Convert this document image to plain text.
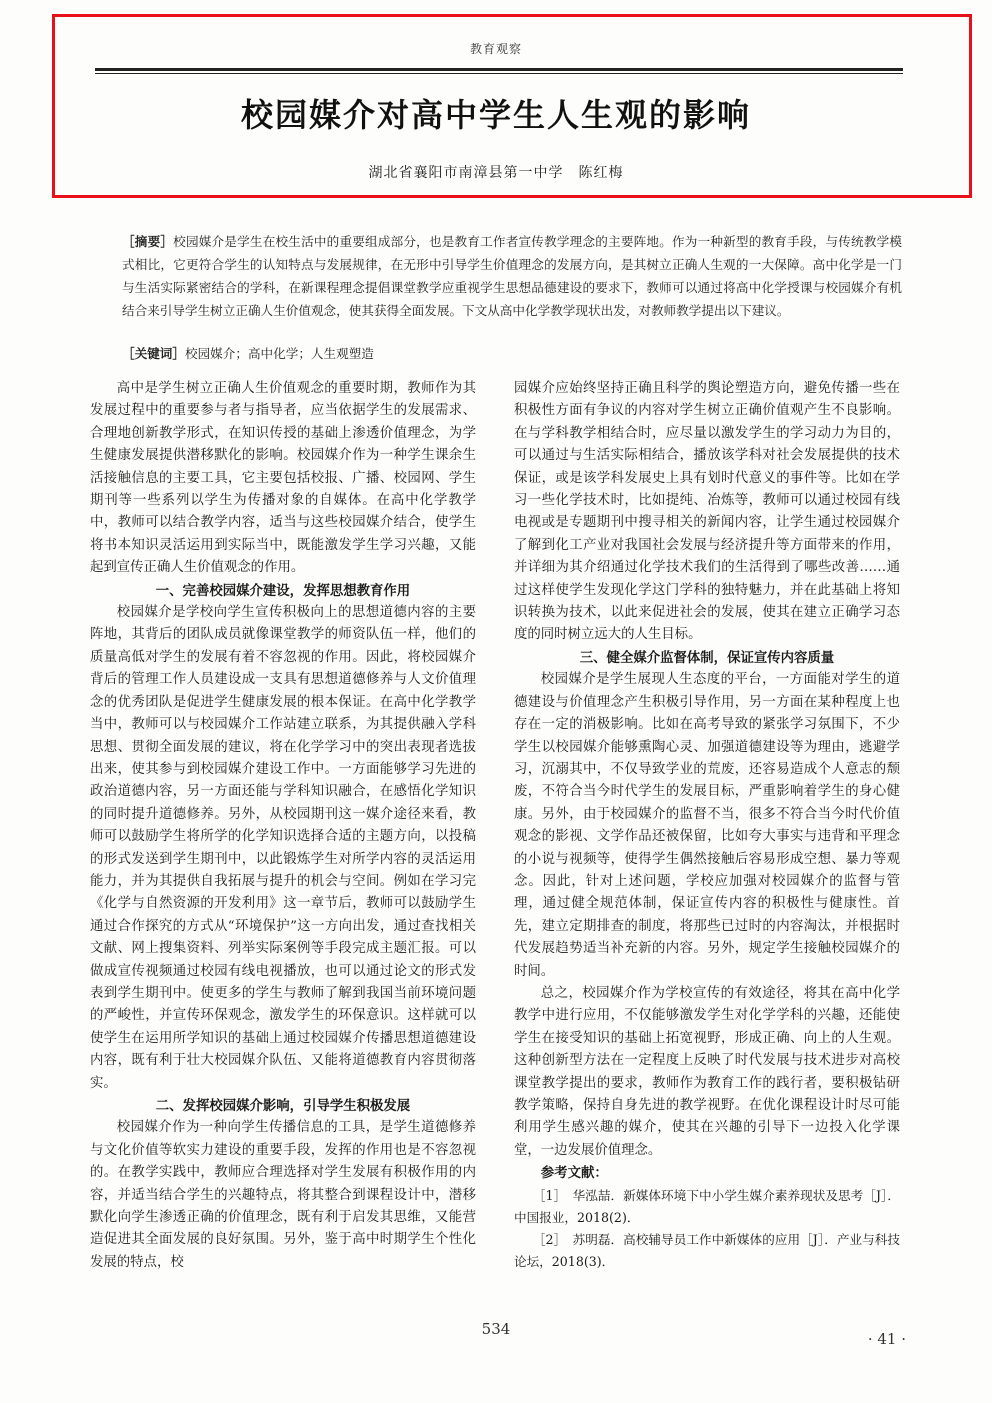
教育观察
校园媒介对高中学生人生观的影响
湖北省襄阳市南漳县第一中学　陈红梅

［摘要］校园媒介是学生在校生活中的重要组成部分，也是教育工作者宣传教学理念的主要阵地。作为一种新型的教育手段，与传统教学模式相比，它更符合学生的认知特点与发展规律，在无形中引导学生价值理念的发展方向，是其树立正确人生观的一大保障。高中化学是一门与生活实际紧密结合的学科，在新课程理念提倡课堂教学应重视学生思想品德建设的要求下，教师可以通过将高中化学授课与校园媒介有机结合来引导学生树立正确人生价值观念，使其获得全面发展。下文从高中化学教学现状出发，对教师教学提出以下建议。

［关键词］校园媒介；高中化学；人生观塑造

高中是学生树立正确人生价值观念的重要时期，教师作为其发展过程中的重要参与者与指导者，应当依据学生的发展需求、合理地创新教学形式，在知识传授的基础上渗透价值理念，为学生健康发展提供潜移默化的影响。校园媒介作为一种学生课余生活接触信息的主要工具，它主要包括校报、广播、校园网、学生期刊等一些系列以学生为传播对象的自媒体。在高中化学教学中，教师可以结合教学内容，适当与这些校园媒介结合，使学生将书本知识灵活运用到实际当中，既能激发学生学习兴趣，又能起到宣传正确人生价值观念的作用。

一、完善校园媒介建设，发挥思想教育作用

校园媒介是学校向学生宣传积极向上的思想道德内容的主要阵地，其背后的团队成员就像课堂教学的师资队伍一样，他们的质量高低对学生的发展有着不容忽视的作用。因此，将校园媒介背后的管理工作人员建设成一支具有思想道德修养与人文价值理念的优秀团队是促进学生健康发展的根本保证。在高中化学教学当中，教师可以与校园媒介工作站建立联系，为其提供融入学科思想、贯彻全面发展的建议，将在化学学习中的突出表现者选拔出来，使其参与到校园媒介建设工作中。一方面能够学习先进的政治道德内容，另一方面还能与学科知识融合，在感悟化学知识的同时提升道德修养。另外，从校园期刊这一媒介途径来看，教师可以鼓励学生将所学的化学知识选择合适的主题方向，以投稿的形式发送到学生期刊中，以此锻炼学生对所学内容的灵活运用能力，并为其提供自我拓展与提升的机会与空间。例如在学习完《化学与自然资源的开发利用》这一章节后，教师可以鼓励学生通过合作探究的方式从“环境保护”这一方向出发，通过查找相关文献、网上搜集资料、列举实际案例等手段完成主题汇报。可以做成宣传视频通过校园有线电视播放，也可以通过论文的形式发表到学生期刊中。使更多的学生与教师了解到我国当前环境问题的严峻性，并宣传环保观念，激发学生的环保意识。这样就可以使学生在运用所学知识的基础上通过校园媒介传播思想道德建设内容，既有利于壮大校园媒介队伍、又能将道德教育内容贯彻落实。

二、发挥校园媒介影响，引导学生积极发展

校园媒介作为一种向学生传播信息的工具，是学生道德修养与文化价值等软实力建设的重要手段，发挥的作用也是不容忽视的。在教学实践中，教师应合理选择对学生发展有积极作用的内容，并适当结合学生的兴趣特点，将其整合到课程设计中，潜移默化向学生渗透正确的价值理念，既有利于启发其思维，又能营造促进其全面发展的良好氛围。另外，鉴于高中时期学生个性化发展的特点，校

园媒介应始终坚持正确且科学的舆论塑造方向，避免传播一些在积极性方面有争议的内容对学生树立正确价值观产生不良影响。在与学科教学相结合时，应尽量以激发学生的学习动力为目的，可以通过与生活实际相结合，播放该学科对社会发展提供的技术保证，或是该学科发展史上具有划时代意义的事件等。比如在学习一些化学技术时，比如提纯、冶炼等，教师可以通过校园有线电视或是专题期刊中搜寻相关的新闻内容，让学生通过校园媒介了解到化工产业对我国社会发展与经济提升等方面带来的作用，并详细为其介绍通过化学技术我们的生活得到了哪些改善……通过这样使学生发现化学这门学科的独特魅力，并在此基础上将知识转换为技术，以此来促进社会的发展，使其在建立正确学习态度的同时树立远大的人生目标。

三、健全媒介监督体制，保证宣传内容质量

校园媒介是学生展现人生态度的平台，一方面能对学生的道德建设与价值理念产生积极引导作用，另一方面在某种程度上也存在一定的消极影响。比如在高考导致的紧张学习氛围下，不少学生以校园媒介能够熏陶心灵、加强道德建设等为理由，逃避学习，沉溺其中，不仅导致学业的荒废，还容易造成个人意志的颓废，不符合当今时代学生的发展目标，严重影响着学生的身心健康。另外，由于校园媒介的监督不当，很多不符合当今时代价值观念的影视、文学作品还被保留，比如夸大事实与违背和平理念的小说与视频等，使得学生偶然接触后容易形成空想、暴力等观念。因此，针对上述问题，学校应加强对校园媒介的监督与管理，通过健全规范体制，保证宣传内容的积极性与健康性。首先，建立定期排查的制度，将那些已过时的内容淘汰，并根据时代发展趋势适当补充新的内容。另外，规定学生接触校园媒介的时间。

总之，校园媒介作为学校宣传的有效途径，将其在高中化学教学中进行应用，不仅能够激发学生对化学学科的兴趣，还能使学生在接受知识的基础上拓宽视野，形成正确、向上的人生观。这种创新型方法在一定程度上反映了时代发展与技术进步对高校课堂教学提出的要求，教师作为教育工作的践行者，要积极钻研教学策略，保持自身先进的教学视野。在优化课程设计时尽可能利用学生感兴趣的媒介，使其在兴趣的引导下一边投入化学课堂，一边发展价值理念。

参考文献：
［1］　华泓喆．新媒体环境下中小学生媒介素养现状及思考［J］．中国报业，2018(2)．
［2］　苏明磊．高校辅导员工作中新媒体的应用［J］．产业与科技论坛，2018(3)．
534
· 41 ·
